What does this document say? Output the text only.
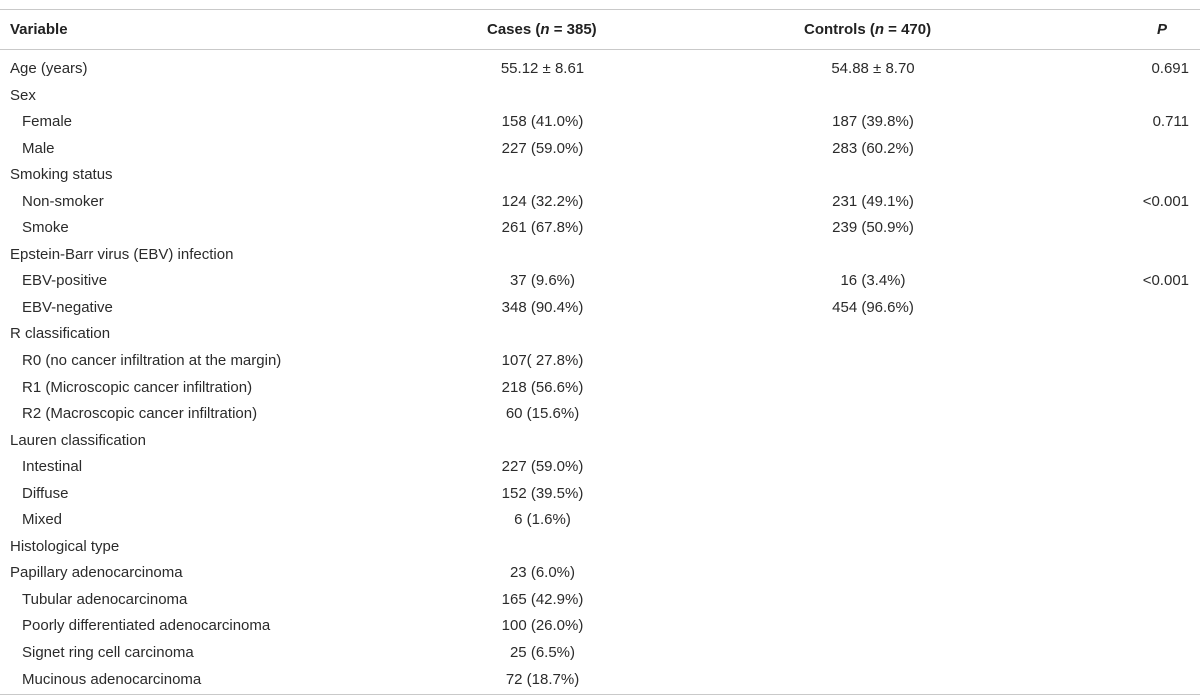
Variable	Cases (n = 385)	Controls (n = 470)	P
Age (years)	55.12 ± 8.61	54.88 ± 8.70	0.691
Sex
Female	158 (41.0%)	187 (39.8%)	0.711
Male	227 (59.0%)	283 (60.2%)
Smoking status
Non-smoker	124 (32.2%)	231 (49.1%)	<0.001
Smoke	261 (67.8%)	239 (50.9%)
Epstein-Barr virus (EBV) infection
EBV-positive	37 (9.6%)	16 (3.4%)	<0.001
EBV-negative	348 (90.4%)	454 (96.6%)
R classification
R0 (no cancer infiltration at the margin)	107( 27.8%)
R1 (Microscopic cancer infiltration)	218 (56.6%)
R2 (Macroscopic cancer infiltration)	60 (15.6%)
Lauren classification
Intestinal	227 (59.0%)
Diffuse	152 (39.5%)
Mixed	6 (1.6%)
Histological type
Papillary adenocarcinoma	23 (6.0%)
Tubular adenocarcinoma	165 (42.9%)
Poorly differentiated adenocarcinoma	100 (26.0%)
Signet ring cell carcinoma	25 (6.5%)
Mucinous adenocarcinoma	72 (18.7%)
